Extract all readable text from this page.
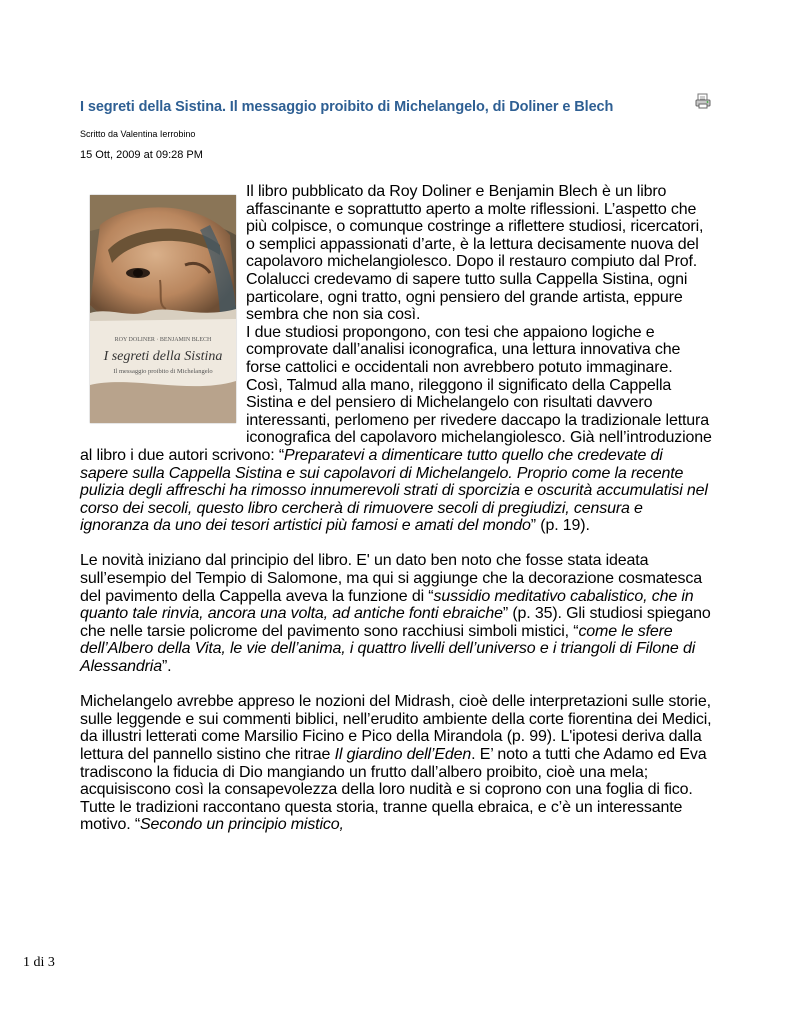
I segreti della Sistina. Il messaggio proibito di Michelangelo, di Doliner e Blech
Scritto da Valentina Ierrobino
15 Ott, 2009 at 09:28 PM
ROY DOLINER · BENJAMIN BLECH
I segreti della Sistina
Il messaggio proibito di Michelangelo

Il libro pubblicato da Roy Doliner e Benjamin Blech è un libro affascinante e soprattutto aperto a molte riflessioni. L’aspetto che più colpisce, o comunque costringe a riflettere studiosi, ricercatori, o semplici appassionati d’arte, è la lettura decisamente nuova del capolavoro michelangiolesco. Dopo il restauro compiuto dal Prof. Colalucci credevamo di sapere tutto sulla Cappella Sistina, ogni particolare, ogni tratto, ogni pensiero del grande artista, eppure sembra che non sia così.
I due studiosi propongono, con tesi che appaiono logiche e comprovate dall’analisi iconografica, una lettura innovativa che forse cattolici e occidentali non avrebbero potuto immaginare.
Così, Talmud alla mano, rileggono il significato della Cappella Sistina e del pensiero di Michelangelo con risultati davvero interessanti, perlomeno per rivedere daccapo la tradizionale lettura iconografica del capolavoro michelangiolesco. Già nell’introduzione al libro i due autori scrivono: “Preparatevi a dimenticare tutto quello che credevate di sapere sulla Cappella Sistina e sui capolavori di Michelangelo. Proprio come la recente pulizia degli affreschi ha rimosso innumerevoli strati di sporcizia e oscurità accumulatisi nel corso dei secoli, questo libro cercherà di rimuovere secoli di pregiudizi, censura e ignoranza da uno dei tesori artistici più famosi e amati del mondo” (p. 19).

Le novità iniziano dal principio del libro. E' un dato ben noto che fosse stata ideata sull’esempio del Tempio di Salomone, ma qui si aggiunge che la decorazione cosmatesca del pavimento della Cappella aveva la funzione di “sussidio meditativo cabalistico, che in quanto tale rinvia, ancora una volta, ad antiche fonti ebraiche” (p. 35). Gli studiosi spiegano che nelle tarsie policrome del pavimento sono racchiusi simboli mistici, “come le sfere dell’Albero della Vita, le vie dell’anima, i quattro livelli dell’universo e i triangoli di Filone di Alessandria”.

Michelangelo avrebbe appreso le nozioni del Midrash, cioè delle interpretazioni sulle storie, sulle leggende e sui commenti biblici, nell’erudito ambiente della corte fiorentina dei Medici, da illustri letterati come Marsilio Ficino e Pico della Mirandola (p. 99). L'ipotesi deriva dalla lettura del pannello sistino che ritrae Il giardino dell’Eden. E’ noto a tutti che Adamo ed Eva tradiscono la fiducia di Dio mangiando un frutto dall’albero proibito, cioè una mela; acquisiscono così la consapevolezza della loro nudità e si coprono con una foglia di fico. Tutte le tradizioni raccontano questa storia, tranne quella ebraica, e c’è un interessante motivo. “Secondo un principio mistico,

1 di 3
